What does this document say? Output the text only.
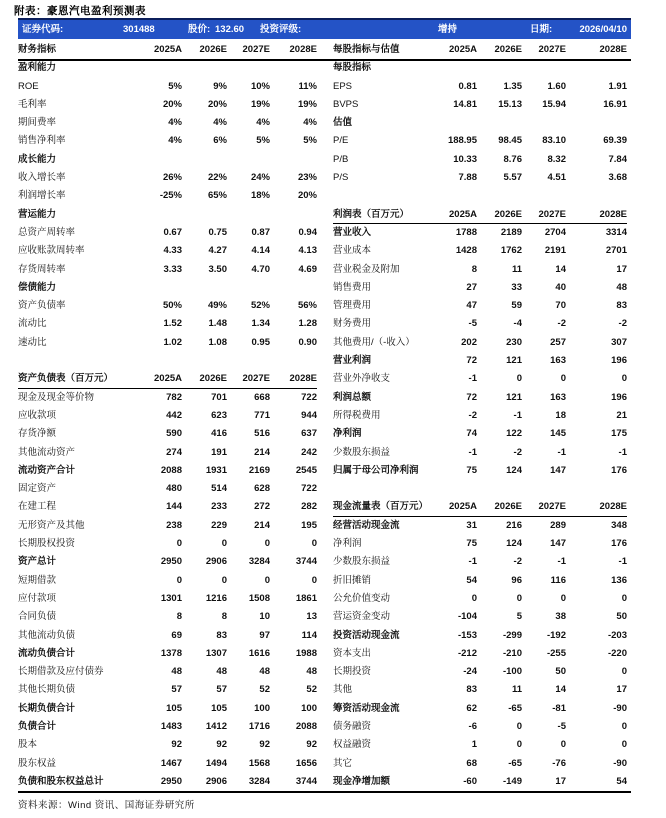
附表：豪恩汽电盈利预测表
证券代码:	301488	股价: 132.60 投资评级:	增持	日期:	2026/04/10
财务指标	2025A	2026E	2027E	2028E
盈利能力
ROE	5%	9%	10%	11%
毛利率	20%	20%	19%	19%
期间费率	4%	4%	4%	4%
销售净利率	4%	6%	5%	5%
成长能力
收入增长率	26%	22%	24%	23%
利润增长率	-25%	65%	18%	20%
营运能力
总资产周转率	0.67	0.75	0.87	0.94
应收账款周转率	4.33	4.27	4.14	4.13
存货周转率	3.33	3.50	4.70	4.69
偿债能力
资产负债率	50%	49%	52%	56%
流动比	1.52	1.48	1.34	1.28
速动比	1.02	1.08	0.95	0.90
资产负债表（百万元）	2025A	2026E	2027E	2028E
现金及现金等价物	782	701	668	722
应收款项	442	623	771	944
存货净额	590	416	516	637
其他流动资产	274	191	214	242
流动资产合计	2088	1931	2169	2545
固定资产	480	514	628	722
在建工程	144	233	272	282
无形资产及其他	238	229	214	195
长期股权投资	0	0	0	0
资产总计	2950	2906	3284	3744
短期借款	0	0	0	0
应付款项	1301	1216	1508	1861
合同负债	8	8	10	13
其他流动负债	69	83	97	114
流动负债合计	1378	1307	1616	1988
长期借款及应付债券	48	48	48	48
其他长期负债	57	57	52	52
长期负债合计	105	105	100	100
负债合计	1483	1412	1716	2088
股本	92	92	92	92
股东权益	1467	1494	1568	1656
负债和股东权益总计	2950	2906	3284	3744
每股指标与估值	2025A	2026E	2027E	2028E
每股指标
EPS	0.81	1.35	1.60	1.91
BVPS	14.81	15.13	15.94	16.91
估值
P/E	188.95	98.45	83.10	69.39
P/B	10.33	8.76	8.32	7.84
P/S	7.88	5.57	4.51	3.68
利润表（百万元）	2025A	2026E	2027E	2028E
营业收入	1788	2189	2704	3314
营业成本	1428	1762	2191	2701
营业税金及附加	8	11	14	17
销售费用	27	33	40	48
管理费用	47	59	70	83
财务费用	-5	-4	-2	-2
其他费用/（-收入）	202	230	257	307
营业利润	72	121	163	196
营业外净收支	-1	0	0	0
利润总额	72	121	163	196
所得税费用	-2	-1	18	21
净利润	74	122	145	175
少数股东损益	-1	-2	-1	-1
归属于母公司净利润	75	124	147	176
现金流量表（百万元）	2025A	2026E	2027E	2028E
经营活动现金流	31	216	289	348
净利润	75	124	147	176
少数股东损益	-1	-2	-1	-1
折旧摊销	54	96	116	136
公允价值变动	0	0	0	0
营运资金变动	-104	5	38	50
投资活动现金流	-153	-299	-192	-203
资本支出	-212	-210	-255	-220
长期投资	-24	-100	50	0
其他	83	11	14	17
筹资活动现金流	62	-65	-81	-90
债务融资	-6	0	-5	0
权益融资	1	0	0	0
其它	68	-65	-76	-90
现金净增加额	-60	-149	17	54
资料来源：Wind 资讯、国海证券研究所
